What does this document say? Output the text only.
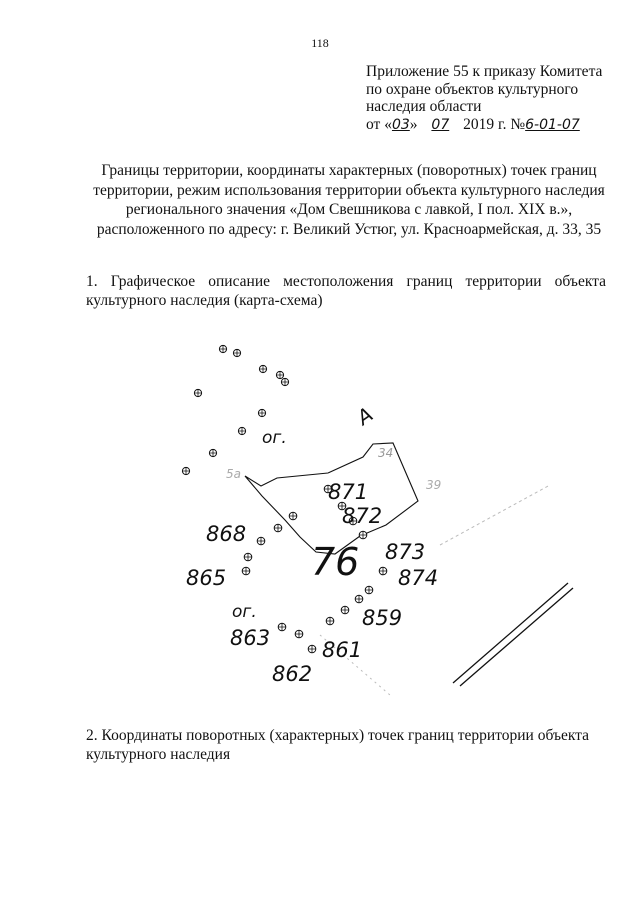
118
Приложение 55 к приказу Комитета
по охране объектов культурного
наследия области
от «03» 07 2019 г. №6-01-07
Границы территории, координаты характерных (поворотных) точек границ территории, режим использования территории объекта культурного наследия регионального значения «Дом Свешникова с лавкой, I пол. XIX в.», расположенного по адресу: г. Великий Устюг, ул. Красноармейская, д. 33, 35
1. Графическое описание местоположения границ территории объекта культурного наследия (карта-схема)
76
871
872
873
874
859
861
862
863
865
868
ог.
ог.
А
34
5а
39
2. Координаты поворотных (характерных) точек границ территории объекта культурного наследия
